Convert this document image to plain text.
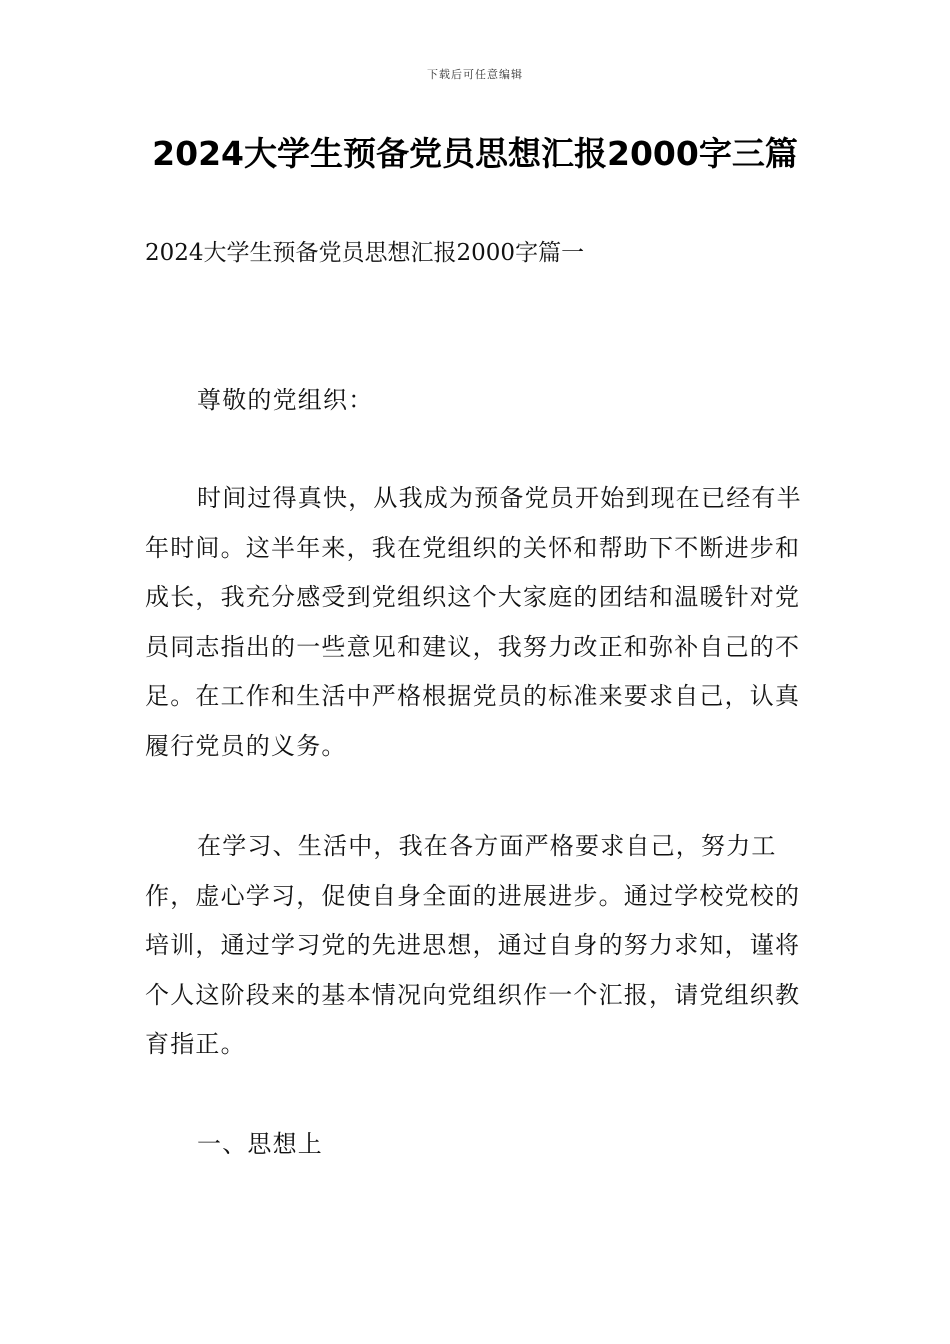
下载后可任意编辑
2024大学生预备党员思想汇报2000字三篇

2024大学生预备党员思想汇报2000字篇一

尊敬的党组织：

时间过得真快，从我成为预备党员开始到现在已经有半年时间。这半年来，我在党组织的关怀和帮助下不断进步和成长，我充分感受到党组织这个大家庭的团结和温暖针对党员同志指出的一些意见和建议，我努力改正和弥补自己的不足。在工作和生活中严格根据党员的标准来要求自己，认真履行党员的义务。

在学习、生活中，我在各方面严格要求自己，努力工作，虚心学习，促使自身全面的进展进步。通过学校党校的培训，通过学习党的先进思想，通过自身的努力求知，谨将个人这阶段来的基本情况向党组织作一个汇报，请党组织教育指正。

一、思想上
